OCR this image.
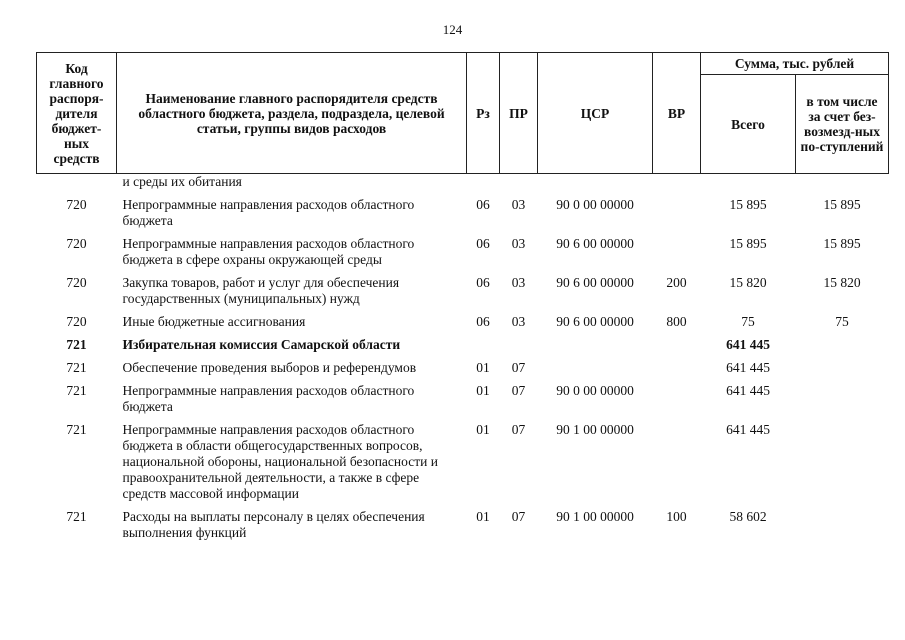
124
Код главного распоря-дителя бюджет-ных средств	Наименование главного распорядителя средств областного бюджета, раздела, подраздела, целевой статьи, группы видов расходов	Рз	ПР	ЦСР	ВР	Сумма, тыс. рублей	
						Всего	в том числе за счет без-возмезд-ных по-ступлений
	и среды их обитания						
720	Непрограммные направления расходов областного бюджета	06	03	90 0 00 00000		15 895	15 895
720	Непрограммные направления расходов областного бюджета в сфере охраны окружающей среды	06	03	90 6 00 00000		15 895	15 895
720	Закупка товаров, работ и услуг для обеспечения государственных (муниципальных) нужд	06	03	90 6 00 00000	200	15 820	15 820
720	Иные бюджетные ассигнования	06	03	90 6 00 00000	800	75	75
721	Избирательная комиссия Самарской области					641 445	
721	Обеспечение проведения выборов и референдумов	01	07			641 445	
721	Непрограммные направления расходов областного бюджета	01	07	90 0 00 00000		641 445	
721	Непрограммные направления расходов областного бюджета в области общегосударственных вопросов, национальной обороны, национальной безопасности и правоохранительной деятельности, а также в сфере средств массовой информации	01	07	90 1 00 00000		641 445	
721	Расходы на выплаты персоналу в целях обеспечения выполнения функций	01	07	90 1 00 00000	100	58 602	
